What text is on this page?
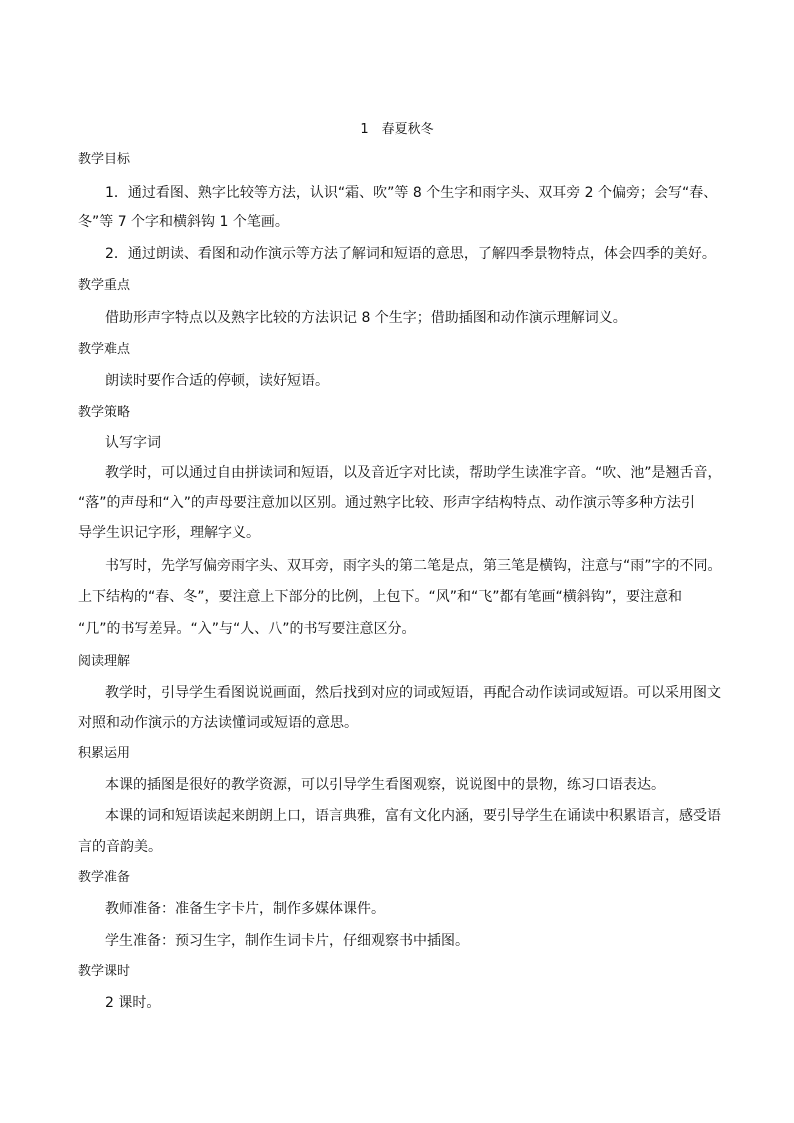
1　春夏秋冬
教学目标
1．通过看图、熟字比较等方法，认识“霜、吹”等 8 个生字和雨字头、双耳旁 2 个偏旁；会写“春、
冬”等 7 个字和横斜钩 1 个笔画。
2．通过朗读、看图和动作演示等方法了解词和短语的意思，了解四季景物特点，体会四季的美好。
教学重点
借助形声字特点以及熟字比较的方法识记 8 个生字；借助插图和动作演示理解词义。
教学难点
朗读时要作合适的停顿，读好短语。
教学策略
认写字词
教学时，可以通过自由拼读词和短语，以及音近字对比读，帮助学生读准字音。“吹、池”是翘舌音，
“落”的声母和“入”的声母要注意加以区别。通过熟字比较、形声字结构特点、动作演示等多种方法引
导学生识记字形，理解字义。
书写时，先学写偏旁雨字头、双耳旁，雨字头的第二笔是点，第三笔是横钩，注意与“雨”字的不同。
上下结构的“春、冬”，要注意上下部分的比例，上包下。“风”和“飞”都有笔画“横斜钩”，要注意和
“几”的书写差异。“入”与“人、八”的书写要注意区分。
阅读理解
教学时，引导学生看图说说画面，然后找到对应的词或短语，再配合动作读词或短语。可以采用图文
对照和动作演示的方法读懂词或短语的意思。
积累运用
本课的插图是很好的教学资源，可以引导学生看图观察，说说图中的景物，练习口语表达。
本课的词和短语读起来朗朗上口，语言典雅，富有文化内涵，要引导学生在诵读中积累语言，感受语
言的音韵美。
教学准备
教师准备：准备生字卡片，制作多媒体课件。
学生准备：预习生字，制作生词卡片，仔细观察书中插图。
教学课时
2 课时。
